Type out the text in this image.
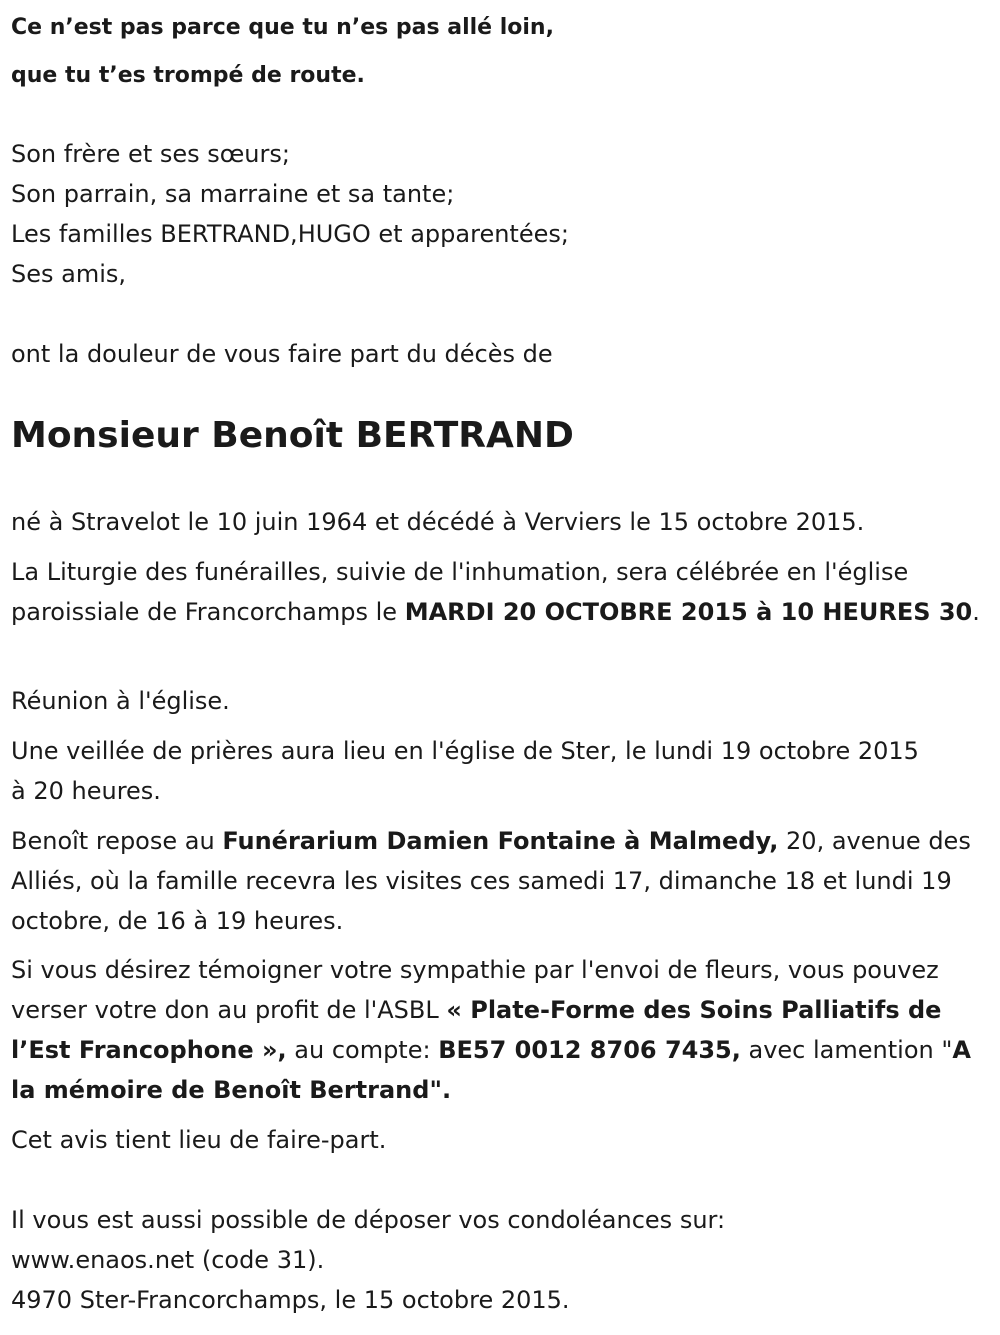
Ce n’est pas parce que tu n’es pas allé loin,
que tu t’es trompé de route.
Son frère et ses sœurs;
Son parrain, sa marraine et sa tante;
Les familles BERTRAND,HUGO et apparentées;
Ses amis,
ont la douleur de vous faire part du décès de
Monsieur Benoît BERTRAND
né à Stravelot le 10 juin 1964 et décédé à Verviers le 15 octobre 2015.

La Liturgie des funérailles, suivie de l'inhumation, sera célébrée en l'église paroissiale de Francorchamps le MARDI 20 OCTOBRE 2015 à 10 HEURES 30.

Réunion à l'église.

Une veillée de prières aura lieu en l'église de Ster, le lundi 19 octobre 2015 à 20 heures.

Benoît repose au Funérarium Damien Fontaine à Malmedy, 20, avenue des Alliés, où la famille recevra les visites ces samedi 17, dimanche 18 et lundi 19 octobre, de 16 à 19 heures.

Si vous désirez témoigner votre sympathie par l'envoi de fleurs, vous pouvez verser votre don au profit de l'ASBL « Plate-Forme des Soins Palliatifs de l’Est Francophone », au compte: BE57 0012 8706 7435, avec lamention "A la mémoire de Benoît Bertrand".

Cet avis tient lieu de faire-part.
Il vous est aussi possible de déposer vos condoléances sur:
www.enaos.net (code 31).
4970 Ster-Francorchamps, le 15 octobre 2015.
